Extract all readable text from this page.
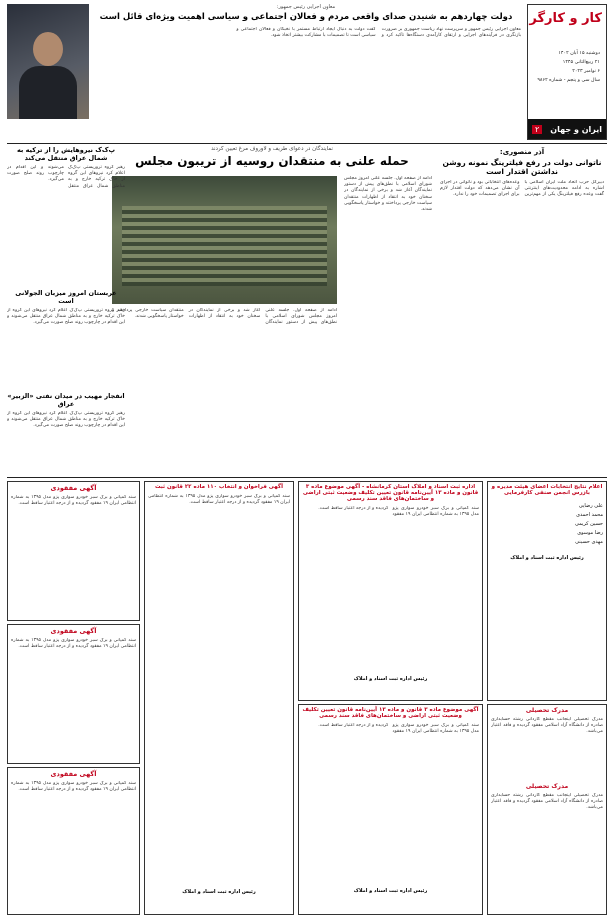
کار و کارگر
دوشنبه ۱۵ آبان ۱۴۰۲
۲۱ ربیع‌الثانی ۱۴۴۵
۶ نوامبر ۲۰۲۳
سال سی و پنجم - شماره ۹۸۶۲
ایران و جهان
۲
معاون اجرایی رئیس جمهور:
دولت چهاردهم به شنیدن صدای واقعی مردم و فعالان اجتماعی و سیاسی اهمیت ویژه‌ای قائل است
معاون اجرایی رئیس جمهور و سرپرست نهاد ریاست جمهوری بر ضرورت بازنگری در فرآیندهای اجرایی و ارتقای کارآمدی دستگاه‌ها تاکید کرد و گفت دولت به دنبال ایجاد ارتباط مستمر با نخبگان و فعالان اجتماعی و سیاسی است تا تصمیمات با مشارکت بیشتر اتخاذ شود.
آذر منصوری:
ناتوانی دولت در رفع فیلترینگ نمونه روشن نداشتن اقتدار است
دبیرکل حزب اتحاد ملت ایران اسلامی با اشاره به ادامه محدودیت‌های اینترنتی گفت وعده رفع فیلترینگ یکی از مهم‌ترین وعده‌های انتخاباتی بود و ناتوانی در اجرای آن نشان می‌دهد که دولت اقتدار لازم برای اجرای تصمیمات خود را ندارد.
نمایندگان در دعوای طریف و لاوروف مرغ تعیین کردند
حمله علنی به منتقدان روسیه از تریبون مجلس
ادامه از صفحه اول. جلسه علنی امروز مجلس شورای اسلامی با نطق‌های پیش از دستور نمایندگان آغاز شد و برخی از نمایندگان در سخنان خود به انتقاد از اظهارات منتقدان سیاست خارجی پرداختند و خواستار پاسخگویی شدند.
ادامه از صفحه اول. جلسه علنی امروز مجلس شورای اسلامی با نطق‌های پیش از دستور نمایندگان آغاز شد و برخی از نمایندگان در سخنان خود به انتقاد از اظهارات منتقدان سیاست خارجی پرداختند و خواستار پاسخگویی شدند.
پ‌ک‌ک نیروهایش را از ترکیه به شمال عراق منتقل می‌کند
رهبر گروه تروریستی پ‌ک‌ک اعلام کرد نیروهای این گروه از خاک ترکیه خارج و به مناطق شمال عراق منتقل می‌شوند و این اقدام در چارچوب روند صلح صورت می‌گیرد.
عربستان امروز میزبان الجولانی است
رهبر گروه تروریستی پ‌ک‌ک اعلام کرد نیروهای این گروه از خاک ترکیه خارج و به مناطق شمال عراق منتقل می‌شوند و این اقدام در چارچوب روند صلح صورت می‌گیرد.
انفجار مهیب در میدان نفتی «الزبیر» عراق
رهبر گروه تروریستی پ‌ک‌ک اعلام کرد نیروهای این گروه از خاک ترکیه خارج و به مناطق شمال عراق منتقل می‌شوند و این اقدام در چارچوب روند صلح صورت می‌گیرد.
اعلام نتایج انتخابات اعضای هیئت مدیره و بازرس انجمن صنفی کارفرمایی
علی رضایی
محمد احمدی
حسین کریمی
رضا موسوی
مهدی حسینی
رئیس اداره ثبت اسناد و املاک
مدرک تحصیلی
مدرک تحصیلی اینجانب مقطع کاردانی رشته حسابداری صادره از دانشگاه آزاد اسلامی مفقود گردیده و فاقد اعتبار می‌باشد.
مدرک تحصیلی
مدرک تحصیلی اینجانب مقطع کاردانی رشته حسابداری صادره از دانشگاه آزاد اسلامی مفقود گردیده و فاقد اعتبار می‌باشد.
اداره ثبت اسناد و املاک استان کرمانشاه - آگهی موضوع ماده ۳ قانون و ماده ۱۳ آیین‌نامه قانون تعیین تکلیف وضعیت ثبتی اراضی و ساختمان‌های فاقد سند رسمی
سند کمپانی و برگ سبز خودرو سواری پژو مدل ۱۳۹۵ به شماره انتظامی ایران ۱۹ مفقود گردیده و از درجه اعتبار ساقط است.
رئیس اداره ثبت اسناد و املاک
آگهی موضوع ماده ۳ قانون و ماده ۱۳ آیین‌نامه قانون تعیین تکلیف وضعیت ثبتی اراضی و ساختمان‌های فاقد سند رسمی
سند کمپانی و برگ سبز خودرو سواری پژو مدل ۱۳۹۵ به شماره انتظامی ایران ۱۹ مفقود گردیده و از درجه اعتبار ساقط است.
رئیس اداره ثبت اسناد و املاک
آگهی فراخوان و انتخاب ۱۱۰ ماده ۲۲ قانون ثبت
سند کمپانی و برگ سبز خودرو سواری پژو مدل ۱۳۹۵ به شماره انتظامی ایران ۱۹ مفقود گردیده و از درجه اعتبار ساقط است.
رئیس اداره ثبت اسناد و املاک
آگهی مفقودی
سند کمپانی و برگ سبز خودرو سواری پژو مدل ۱۳۹۵ به شماره انتظامی ایران ۱۹ مفقود گردیده و از درجه اعتبار ساقط است.
آگهی مفقودی
سند کمپانی و برگ سبز خودرو سواری پژو مدل ۱۳۹۵ به شماره انتظامی ایران ۱۹ مفقود گردیده و از درجه اعتبار ساقط است.
آگهی مفقودی
سند کمپانی و برگ سبز خودرو سواری پژو مدل ۱۳۹۵ به شماره انتظامی ایران ۱۹ مفقود گردیده و از درجه اعتبار ساقط است.
